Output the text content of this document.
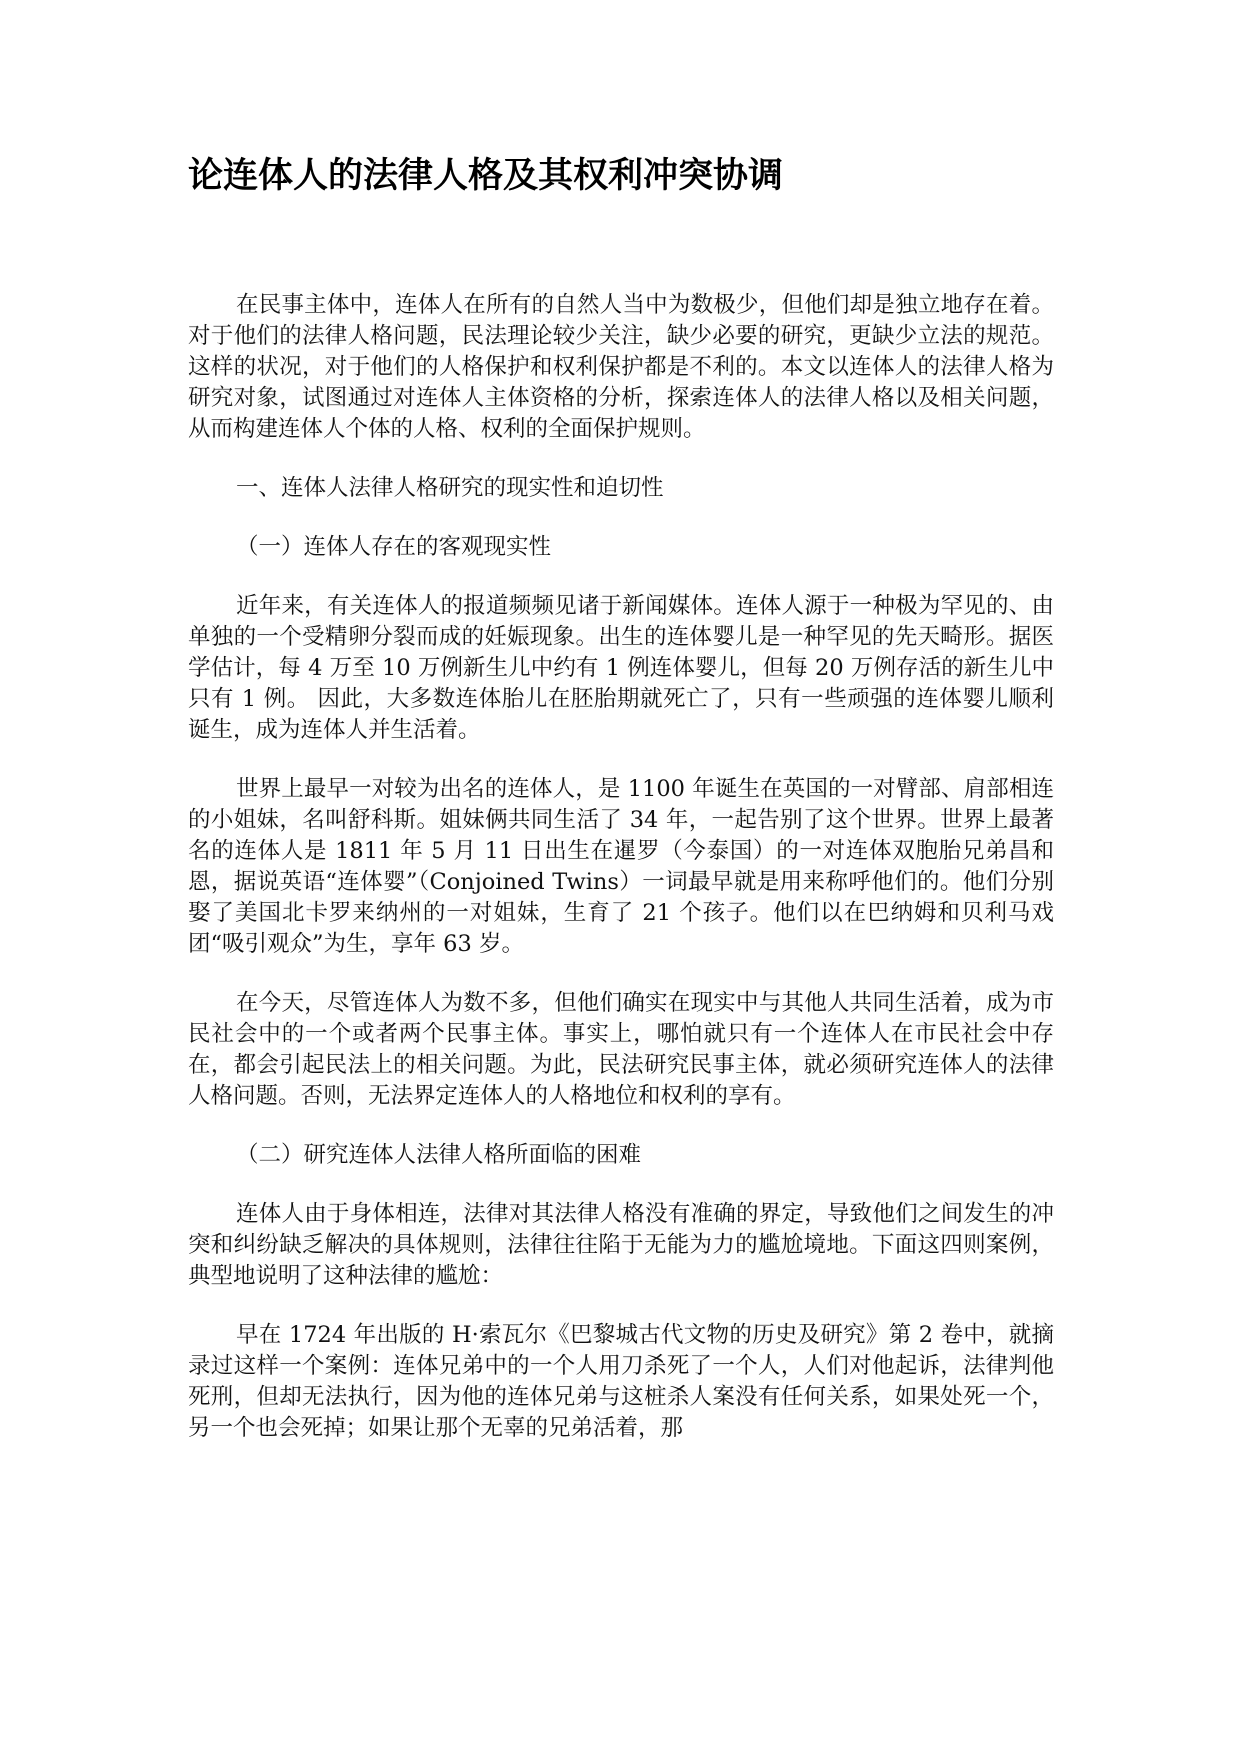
论连体人的法律人格及其权利冲突协调

在民事主体中，连体人在所有的自然人当中为数极少，但他们却是独立地存在着。对于他们的法律人格问题，民法理论较少关注，缺少必要的研究，更缺少立法的规范。这样的状况，对于他们的人格保护和权利保护都是不利的。本文以连体人的法律人格为研究对象，试图通过对连体人主体资格的分析，探索连体人的法律人格以及相关问题，从而构建连体人个体的人格、权利的全面保护规则。

一、连体人法律人格研究的现实性和迫切性

（一）连体人存在的客观现实性

近年来，有关连体人的报道频频见诸于新闻媒体。连体人源于一种极为罕见的、由单独的一个受精卵分裂而成的妊娠现象。出生的连体婴儿是一种罕见的先天畸形。据医学估计，每 4 万至 10 万例新生儿中约有 1 例连体婴儿，但每 20 万例存活的新生儿中只有 1 例。 因此，大多数连体胎儿在胚胎期就死亡了，只有一些顽强的连体婴儿顺利诞生，成为连体人并生活着。

世界上最早一对较为出名的连体人，是 1100 年诞生在英国的一对臂部、肩部相连的小姐妹，名叫舒科斯。姐妹俩共同生活了 34 年，一起告别了这个世界。世界上最著名的连体人是 1811 年 5 月 11 日出生在暹罗（今泰国）的一对连体双胞胎兄弟昌和恩，据说英语“连体婴”（Conjoined Twins）一词最早就是用来称呼他们的。他们分别娶了美国北卡罗来纳州的一对姐妹，生育了 21 个孩子。他们以在巴纳姆和贝利马戏团“吸引观众”为生，享年 63 岁。

在今天，尽管连体人为数不多，但他们确实在现实中与其他人共同生活着，成为市民社会中的一个或者两个民事主体。事实上，哪怕就只有一个连体人在市民社会中存在，都会引起民法上的相关问题。为此，民法研究民事主体，就必须研究连体人的法律人格问题。否则，无法界定连体人的人格地位和权利的享有。

（二）研究连体人法律人格所面临的困难

连体人由于身体相连，法律对其法律人格没有准确的界定，导致他们之间发生的冲突和纠纷缺乏解决的具体规则，法律往往陷于无能为力的尴尬境地。下面这四则案例，典型地说明了这种法律的尴尬：

早在 1724 年出版的 H·索瓦尔《巴黎城古代文物的历史及研究》第 2 卷中，就摘录过这样一个案例：连体兄弟中的一个人用刀杀死了一个人，人们对他起诉，法律判他死刑，但却无法执行，因为他的连体兄弟与这桩杀人案没有任何关系，如果处死一个，另一个也会死掉；如果让那个无辜的兄弟活着，那
